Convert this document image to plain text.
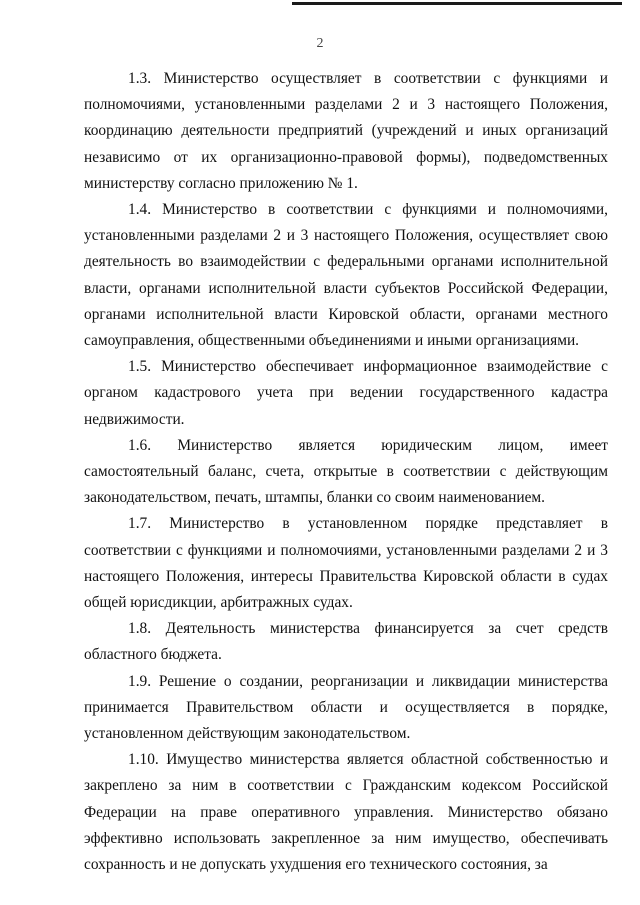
2

1.3. Министерство осуществляет в соответствии с функциями и полномочиями, установленными разделами 2 и 3 настоящего Положения, координацию деятельности предприятий (учреждений и иных организаций независимо от их организационно-правовой формы), подведомственных министерству согласно приложению № 1.

1.4. Министерство в соответствии с функциями и полномочиями, установленными разделами 2 и 3 настоящего Положения, осуществляет свою деятельность во взаимодействии с федеральными органами исполнительной власти, органами исполнительной власти субъектов Российской Федерации, органами исполнительной власти Кировской области, органами местного самоуправления, общественными объединениями и иными организациями.

1.5. Министерство обеспечивает информационное взаимодействие с органом кадастрового учета при ведении государственного кадастра недвижимости.

1.6. Министерство является юридическим лицом, имеет самостоятельный баланс, счета, открытые в соответствии с действующим законодательством, печать, штампы, бланки со своим наименованием.

1.7. Министерство в установленном порядке представляет в соответствии с функциями и полномочиями, установленными разделами 2 и 3 настоящего Положения, интересы Правительства Кировской области в судах общей юрисдикции, арбитражных судах.

1.8. Деятельность министерства финансируется за счет средств областного бюджета.

1.9. Решение о создании, реорганизации и ликвидации министерства принимается Правительством области и осуществляется в порядке, установленном действующим законодательством.

1.10. Имущество министерства является областной собственностью и закреплено за ним в соответствии с Гражданским кодексом Российской Федерации на праве оперативного управления. Министерство обязано эффективно использовать закрепленное за ним имущество, обеспечивать сохранность и не допускать ухудшения его технического состояния, за
